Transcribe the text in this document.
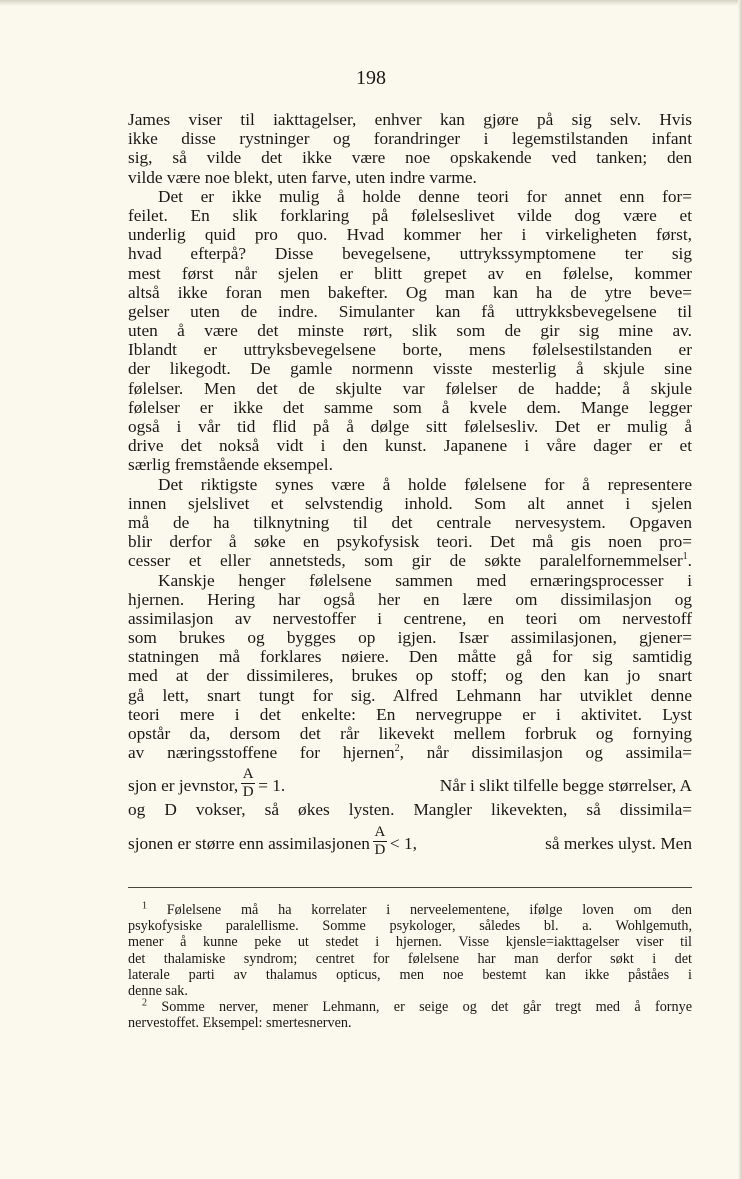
198
James viser til iakttagelser, enhver kan gjøre på sig selv. Hvis
ikke disse rystninger og forandringer i legemstilstanden infant
sig, så vilde det ikke være noe opskakende ved tanken; den
vilde være noe blekt, uten farve, uten indre varme.
Det er ikke mulig å holde denne teori for annet enn for=
feilet. En slik forklaring på følelseslivet vilde dog være et
underlig quid pro quo. Hvad kommer her i virkeligheten først,
hvad efterpå? Disse bevegelsene, uttrykssymptomene ter sig
mest først når sjelen er blitt grepet av en følelse, kommer
altså ikke foran men bakefter. Og man kan ha de ytre beve=
gelser uten de indre. Simulanter kan få uttrykksbevegelsene til
uten å være det minste rørt, slik som de gir sig mine av.
Iblandt er uttryksbevegelsene borte, mens følelsestilstanden er
der likegodt. De gamle normenn visste mesterlig å skjule sine
følelser. Men det de skjulte var følelser de hadde; å skjule
følelser er ikke det samme som å kvele dem. Mange legger
også i vår tid flid på å dølge sitt følelsesliv. Det er mulig å
drive det nokså vidt i den kunst. Japanene i våre dager er et
særlig fremstående eksempel.
Det riktigste synes være å holde følelsene for å representere
innen sjelslivet et selvstendig inhold. Som alt annet i sjelen
må de ha tilknytning til det centrale nervesystem. Opgaven
blir derfor å søke en psykofysisk teori. Det må gis noen pro=
cesser et eller annetsteds, som gir de søkte paralelfornemmelser$^1$.
Kanskje henger følelsene sammen med ernæringsprocesser i
hjernen. Hering har også her en lære om dissimilasjon og
assimilasjon av nervestoffer i centrene, en teori om nervestoff
som brukes og bygges op igjen. Især assimilasjonen, gjener=
statningen må forklares nøiere. Den måtte gå for sig samtidig
med at der dissimileres, brukes op stoff; og den kan jo snart
gå lett, snart tungt for sig. Alfred Lehmann har utviklet denne
teori mere i det enkelte: En nervegruppe er i aktivitet. Lyst
opstår da, dersom det rår likevekt mellem forbruk og fornying
av næringsstoffene for hjernen$^2$, når dissimilasjon og assimila=
sjon er jevnstor, $\frac{A}{D} = 1$.	Når i slikt tilfelle begge størrelser, A
og D vokser, så økes lysten. Mangler likevekten, så dissimila=
sjonen er større enn assimilasjonen $\frac{A}{D} < 1$,	så merkes ulyst. Men
$^1$ Følelsene må ha korrelater i nerveelementene, ifølge loven om den
psykofysiske paralellisme. Somme psykologer, således bl. a. Wohlgemuth,
mener å kunne peke ut stedet i hjernen. Visse kjensle=iakttagelser viser til
det thalamiske syndrom; centret for følelsene har man derfor søkt i det
laterale parti av thalamus opticus, men noe bestemt kan ikke påståes i
denne sak.
$^2$ Somme nerver, mener Lehmann, er seige og det går tregt med å fornye
nervestoffet. Eksempel: smertesnerven.
